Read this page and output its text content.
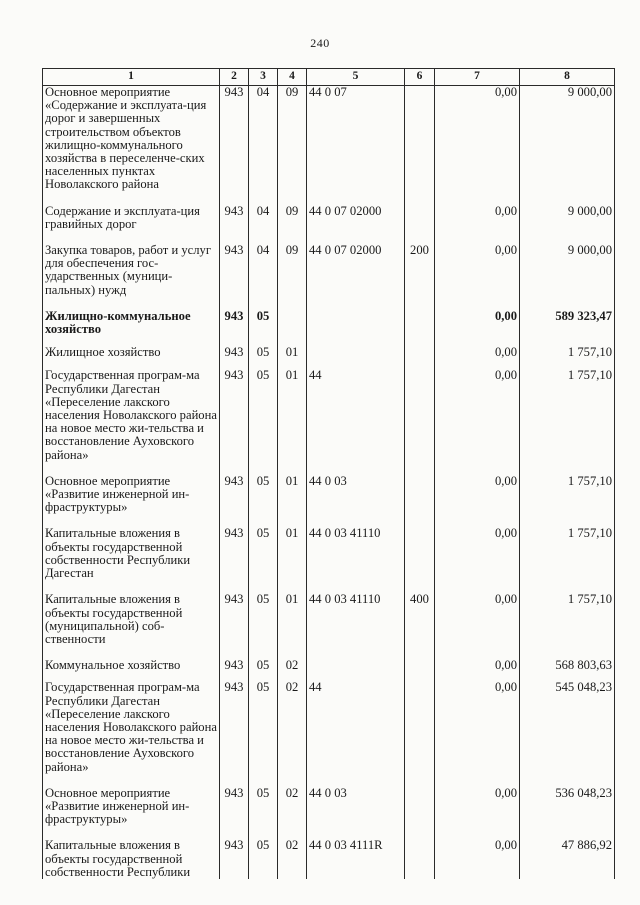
240
1	2	3	4	5	6	7	8
Основное мероприятие «Содержание и эксплуата-ция дорог и завершенных строительством объектов жилищно-коммунального хозяйства в переселенче-ских населенных пунктах Новолакского района	943	04	09	44 0 07		0,00	9 000,00
Содержание и эксплуата-ция гравийных дорог	943	04	09	44 0 07 02000		0,00	9 000,00
Закупка товаров, работ и услуг для обеспечения гос-ударственных (муници-пальных) нужд	943	04	09	44 0 07 02000	200	0,00	9 000,00
Жилищно-коммунальное хозяйство	943	05				0,00	589 323,47
Жилищное хозяйство	943	05	01			0,00	1 757,10
Государственная програм-ма Республики Дагестан «Переселение лакского населения Новолакского района на новое место жи-тельства и восстановление Ауховского района»	943	05	01	44		0,00	1 757,10
Основное мероприятие «Развитие инженерной ин-фраструктуры»	943	05	01	44 0 03		0,00	1 757,10
Капитальные вложения в объекты государственной собственности Республики Дагестан	943	05	01	44 0 03 41110		0,00	1 757,10
Капитальные вложения в объекты государственной (муниципальной) соб-ственности	943	05	01	44 0 03 41110	400	0,00	1 757,10
Коммунальное хозяйство	943	05	02			0,00	568 803,63
Государственная програм-ма Республики Дагестан «Переселение лакского населения Новолакского района на новое место жи-тельства и восстановление Ауховского района»	943	05	02	44		0,00	545 048,23
Основное мероприятие «Развитие инженерной ин-фраструктуры»	943	05	02	44 0 03		0,00	536 048,23
Капитальные вложения в объекты государственной собственности Республики	943	05	02	44 0 03 4111R		0,00	47 886,92
